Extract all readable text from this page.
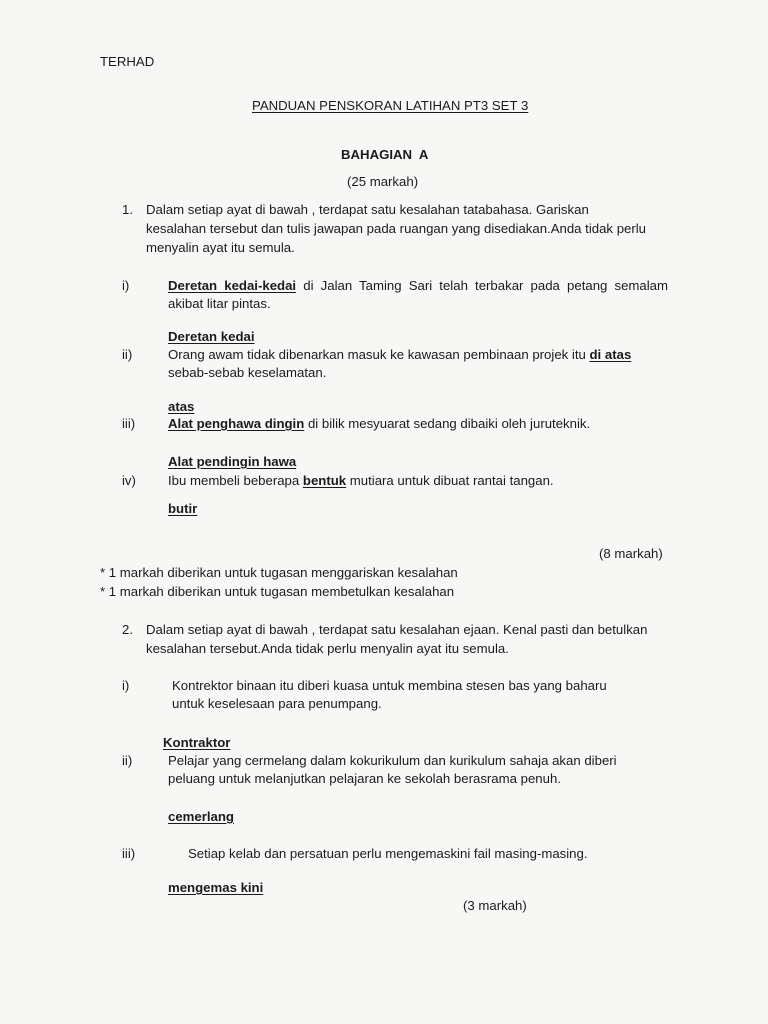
TERHAD
PANDUAN PENSKORAN LATIHAN PT3 SET 3
BAHAGIAN  A
(25 markah)
1. Dalam setiap ayat di bawah , terdapat satu kesalahan tatabahasa. Gariskan
kesalahan tersebut dan tulis jawapan pada ruangan yang disediakan.Anda tidak perlu
menyalin ayat itu semula.
i)	Deretan kedai-kedai di Jalan Taming Sari telah terbakar pada petang semalam
akibat litar pintas.
Deretan kedai
ii)	Orang awam tidak dibenarkan masuk ke kawasan pembinaan projek itu di atas
sebab-sebab keselamatan.
atas
iii) Alat penghawa dingin di bilik mesyuarat sedang dibaiki oleh juruteknik.
Alat pendingin hawa
iv) Ibu membeli beberapa bentuk mutiara untuk dibuat rantai tangan.
butir
(8 markah)
* 1 markah diberikan untuk tugasan menggariskan kesalahan
* 1 markah diberikan untuk tugasan membetulkan kesalahan
2. Dalam setiap ayat di bawah , terdapat satu kesalahan ejaan. Kenal pasti dan betulkan
kesalahan tersebut.Anda tidak perlu menyalin ayat itu semula.
i)	Kontrektor binaan itu diberi kuasa untuk membina stesen bas yang baharu
untuk keselesaan para penumpang.
Kontraktor
ii)	Pelajar yang cermelang dalam kokurikulum dan kurikulum sahaja akan diberi
peluang untuk melanjutkan pelajaran ke sekolah berasrama penuh.
cemerlang
iii)	Setiap kelab dan persatuan perlu mengemaskini fail masing-masing.
mengemas kini
(3 markah)
